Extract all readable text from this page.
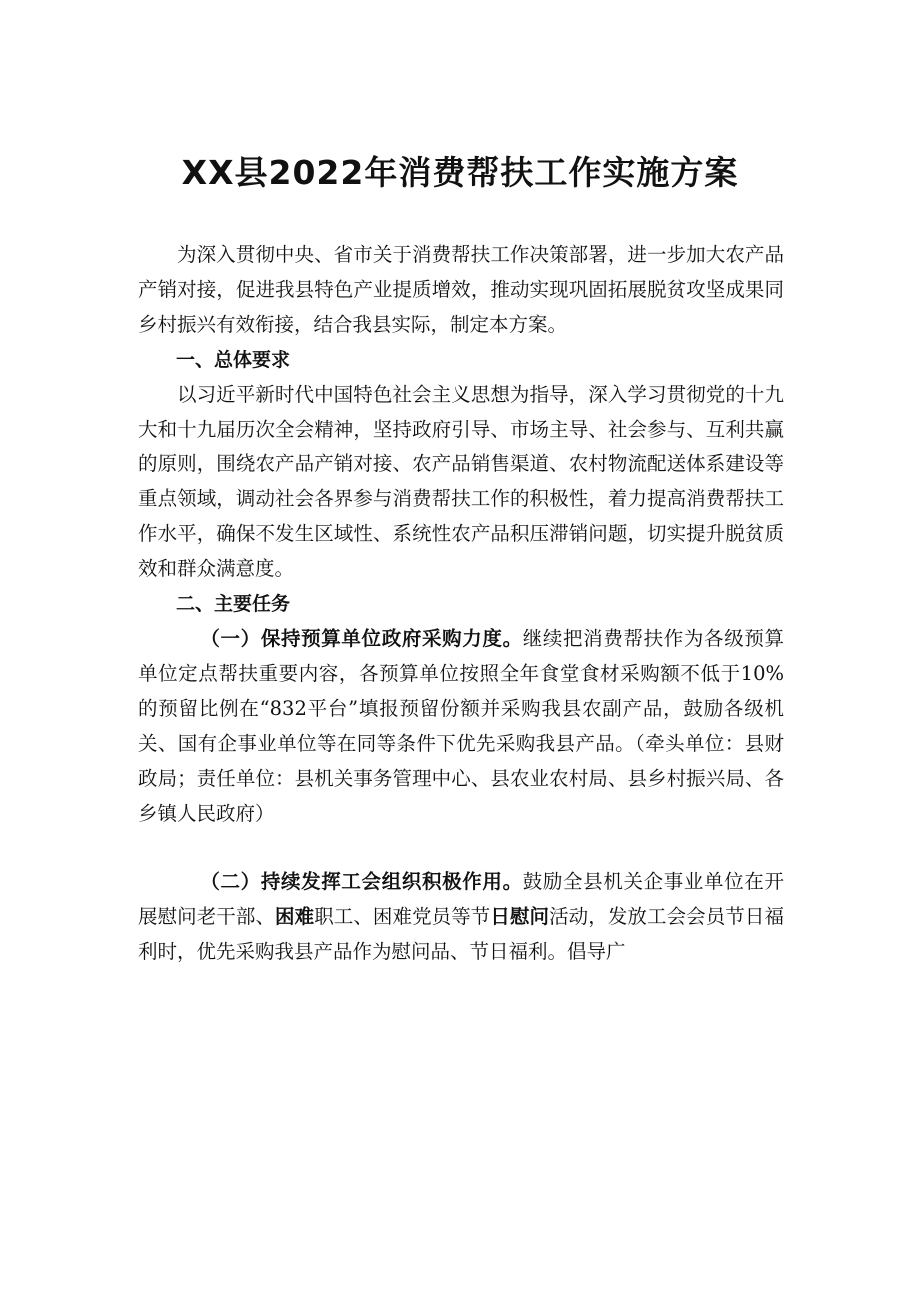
XX县2022年消费帮扶工作实施方案

为深入贯彻中央、省市关于消费帮扶工作决策部署，进一步加大农产品产销对接，促进我县特色产业提质增效，推动实现巩固拓展脱贫攻坚成果同乡村振兴有效衔接，结合我县实际，制定本方案。

一、总体要求

以习近平新时代中国特色社会主义思想为指导，深入学习贯彻党的十九大和十九届历次全会精神，坚持政府引导、市场主导、社会参与、互利共赢的原则，围绕农产品产销对接、农产品销售渠道、农村物流配送体系建设等重点领域，调动社会各界参与消费帮扶工作的积极性，着力提高消费帮扶工作水平，确保不发生区域性、系统性农产品积压滞销问题，切实提升脱贫质效和群众满意度。

二、主要任务

（一）保持预算单位政府采购力度。继续把消费帮扶作为各级预算单位定点帮扶重要内容，各预算单位按照全年食堂食材采购额不低于10%的预留比例在“832平台”填报预留份额并采购我县农副产品，鼓励各级机关、国有企事业单位等在同等条件下优先采购我县产品。（牵头单位：县财政局；责任单位：县机关事务管理中心、县农业农村局、县乡村振兴局、各乡镇人民政府）

（二）持续发挥工会组织积极作用。鼓励全县机关企事业单位在开展慰问老干部、困难职工、困难党员等节日慰问活动，发放工会会员节日福利时，优先采购我县产品作为慰问品、节日福利。倡导广
